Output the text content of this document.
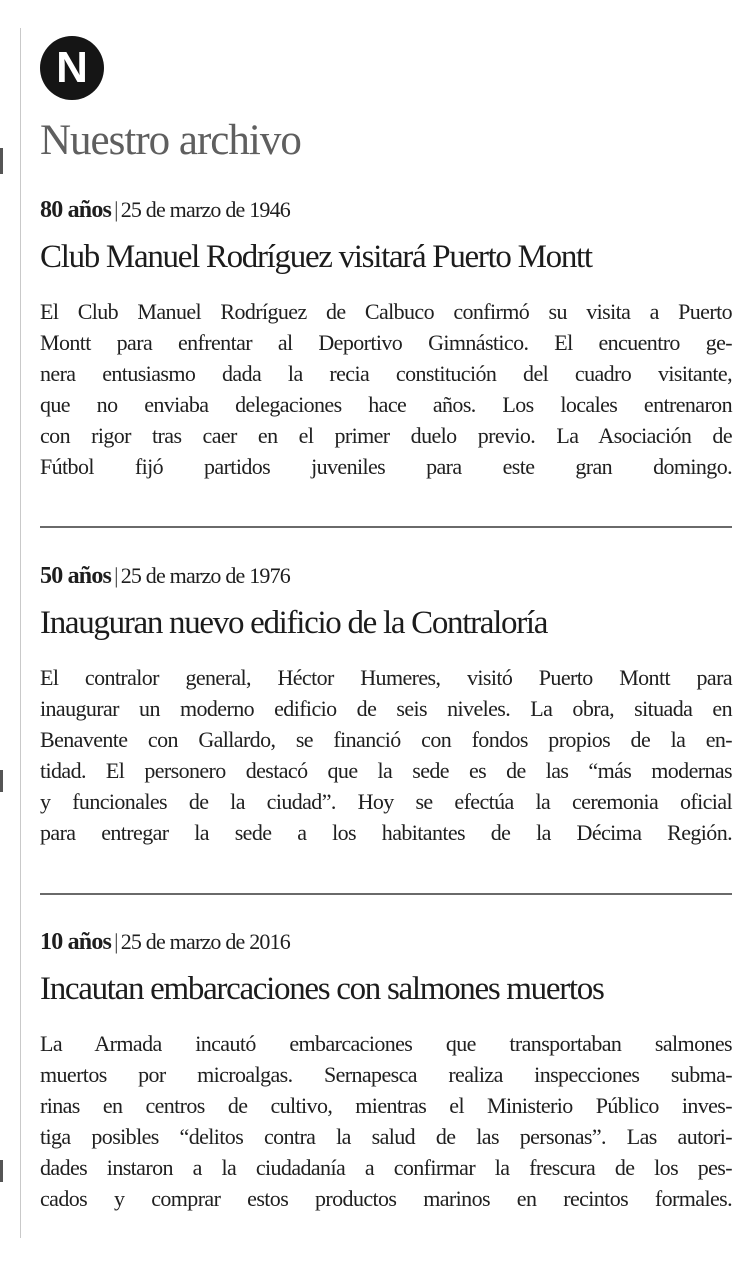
N
Nuestro archivo
80 años | 25 de marzo de 1946
Club Manuel Rodríguez visitará Puerto Montt
El Club Manuel Rodríguez de Calbuco confirmó su visita a Puerto
Montt para enfrentar al Deportivo Gimnástico. El encuentro ge-
nera entusiasmo dada la recia constitución del cuadro visitante,
que no enviaba delegaciones hace años. Los locales entrenaron
con rigor tras caer en el primer duelo previo. La Asociación de
Fútbol fijó partidos juveniles para este gran domingo.
50 años | 25 de marzo de 1976
Inauguran nuevo edificio de la Contraloría
El contralor general, Héctor Humeres, visitó Puerto Montt para
inaugurar un moderno edificio de seis niveles. La obra, situada en
Benavente con Gallardo, se financió con fondos propios de la en-
tidad. El personero destacó que la sede es de las “más modernas
y funcionales de la ciudad”. Hoy se efectúa la ceremonia oficial
para entregar la sede a los habitantes de la Décima Región.
10 años | 25 de marzo de 2016
Incautan embarcaciones con salmones muertos
La Armada incautó embarcaciones que transportaban salmones
muertos por microalgas. Sernapesca realiza inspecciones subma-
rinas en centros de cultivo, mientras el Ministerio Público inves-
tiga posibles “delitos contra la salud de las personas”. Las autori-
dades instaron a la ciudadanía a confirmar la frescura de los pes-
cados y comprar estos productos marinos en recintos formales.
